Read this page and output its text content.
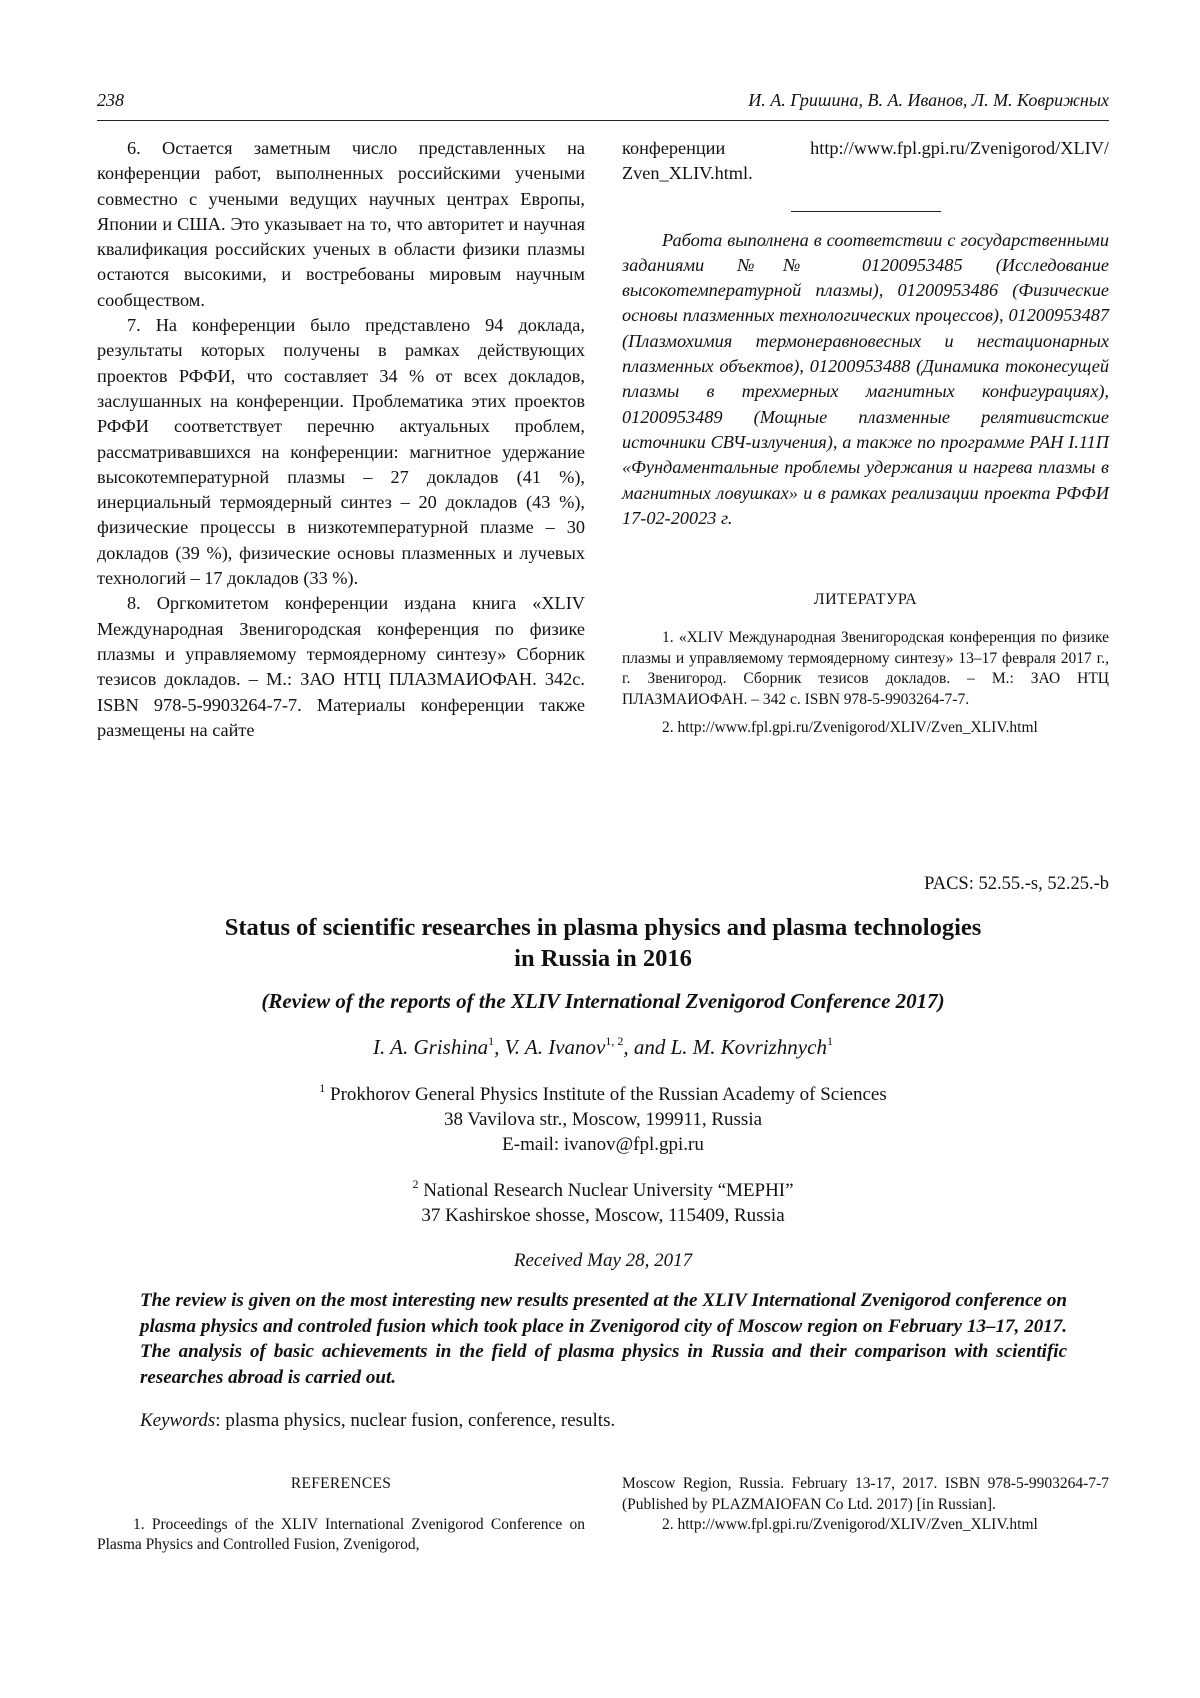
238	И. А. Гришина, В. А. Иванов, Л. М. Коврижных

6. Остается заметным число представленных на конференции работ, выполненных российскими учеными совместно с учеными ведущих научных центрах Европы, Японии и США. Это указывает на то, что авторитет и научная квалификация российских ученых в области физики плазмы остаются высокими, и востребованы мировым научным сообществом.

7. На конференции было представлено 94 доклада, результаты которых получены в рамках действующих проектов РФФИ, что составляет 34 % от всех докладов, заслушанных на конференции. Проблематика этих проектов РФФИ соответствует перечню актуальных проблем, рассматривавшихся на конференции: магнитное удержание высокотемпературной плазмы – 27 докладов (41 %), инерциальный термоядерный синтез – 20 докладов (43 %), физические процессы в низкотемпературной плазме – 30 докладов (39 %), физические основы плазменных и лучевых технологий – 17 докладов (33 %).

8. Оргкомитетом конференции издана книга «XLIV Международная Звенигородская конференция по физике плазмы и управляемому термоядерному синтезу» Сборник тезисов докладов. – М.: ЗАО НТЦ ПЛАЗМАИОФАН. 342с. ISBN 978-5-9903264-7-7. Материалы конференции также размещены на сайте

конференции http://www.fpl.gpi.ru/Zvenigorod/XLIV/ Zven_XLIV.html.

Работа выполнена в соответствии с государственными заданиями №№ 01200953485 (Исследование высокотемпературной плазмы), 01200953486 (Физические основы плазменных технологических процессов), 01200953487 (Плазмохимия термонеравновесных и нестационарных плазменных объектов), 01200953488 (Динамика токонесущей плазмы в трехмерных магнитных конфигурациях), 01200953489 (Мощные плазменные релятивистские источники СВЧ-излучения), а также по программе РАН I.11П «Фундаментальные проблемы удержания и нагрева плазмы в магнитных ловушках» и в рамках реализации проекта РФФИ 17-02-20023 г.

ЛИТЕРАТУРА

1. «XLIV Международная Звенигородская конференция по физике плазмы и управляемому термоядерному синтезу» 13–17 февраля 2017 г., г. Звенигород. Сборник тезисов докладов. – М.: ЗАО НТЦ ПЛАЗМАИОФАН. – 342 с. ISBN 978-5-9903264-7-7.

2. http://www.fpl.gpi.ru/Zvenigorod/XLIV/Zven_XLIV.html

PACS: 52.55.-s, 52.25.-b
Status of scientific researches in plasma physics and plasma technologies
in Russia in 2016
(Review of the reports of the XLIV International Zvenigorod Conference 2017)
I. A. Grishina$^1$, V. A. Ivanov$^{1, 2}$, and L. M. Kovrizhnych$^1$
$^1$ Prokhorov General Physics Institute of the Russian Academy of Sciences
38 Vavilova str., Moscow, 199911, Russia
E-mail: ivanov@fpl.gpi.ru
$^2$ National Research Nuclear University “MEPHI”
37 Kashirskoe shosse, Moscow, 115409, Russia
Received May 28, 2017
The review is given on the most interesting new results presented at the XLIV International Zvenigorod conference on plasma physics and controled fusion which took place in Zvenigorod city of Moscow region on February 13–17, 2017. The analysis of basic achievements in the field of plasma physics in Russia and their comparison with scientific researches abroad is carried out.
Keywords: plasma physics, nuclear fusion, conference, results.

REFERENCES

1. Proceedings of the XLIV International Zvenigorod Conference on Plasma Physics and Controlled Fusion, Zvenigorod,

Moscow Region, Russia. February 13-17, 2017. ISBN 978-5-9903264-7-7 (Published by PLAZMAIOFAN Co Ltd. 2017) [in Russian].

2. http://www.fpl.gpi.ru/Zvenigorod/XLIV/Zven_XLIV.html
